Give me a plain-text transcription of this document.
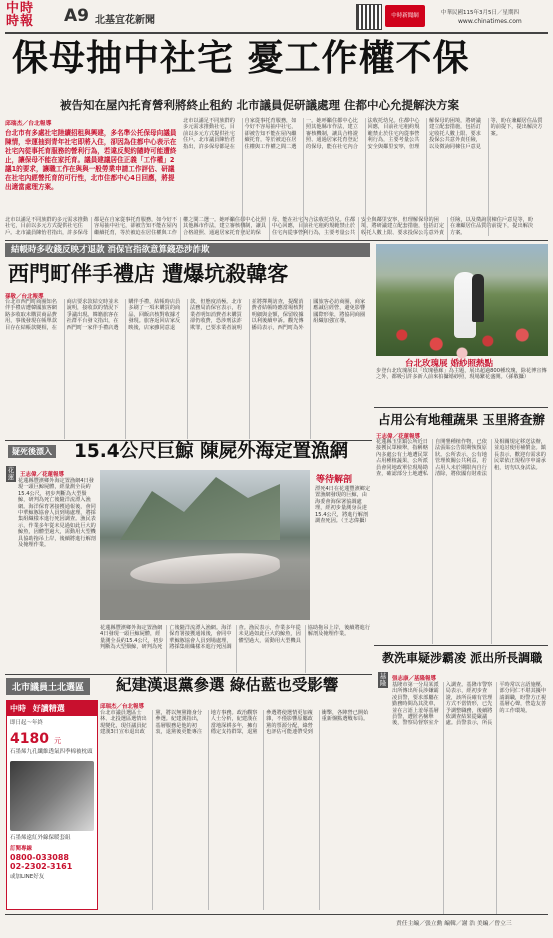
中時
時報	A9 北基宜花新聞	中時新聞網	中華民國115年3月5日／星期四
www.chinatimes.com
保母抽中社宅 憂工作權不保
被告知在屋內托育營利將終止租約 北市議員促研議處理 住都中心允提解決方案
邱瑞杰／台北報導
台北市有多處社宅陸續招租與興建，多名準公托保母向議員陳情，幸運抽到青年社宅即將入住，卻因為住都中心表示在社宅內從事托育服務的營利行為，若違反契約隨時可能遭終止，讓保母不能在家托育。議員建議居住正義「工作權」2議1的要求，讓職工作在與與一般勞業申請工作評估、研議在社宅內經營托育的可行性，北市住都中心4日回應，將提出適當處理方案。
北市以滿足不同族群的多元需求推動社宅，目前以多元方式提供社宅住戶。北市議員陳怡君指出，許多保母都是在自家從事托育服務，如今好不容易抽中社宅，卻被告知不能在屋內繼續托育，等於被迫在居住權與工作權之間二選一。她呼籲住都中心比照其他縣市作法，建立審核機制，讓具合格證照、通過居家托育登記的保母，能在社宅內合法收托幼兒。住都中心回應，目前社宅租約規範禁止於住宅內從事營利行為，主要考量公共安全與鄰里安寧，但理解保母的困境，將研議建立配套措施，包括訂定收托人數上限、要求投保公共意外責任險，以及徵詢同棟住戶意見等，盼在兼顧居住品質的前提下，提出解決方案。
北市以滿足不同族群的多元需求推動社宅，目前以多元方式提供社宅住戶。北市議員陳怡君指出，許多保母都是在自家從事托育服務，如今好不容易抽中社宅，卻被告知不能在屋內繼續托育，等於被迫在居住權與工作權之間二選一。她呼籲住都中心比照其他縣市作法，建立審核機制，讓具合格證照、通過居家托育登記的保母，能在社宅內合法收托幼兒。住都中心回應，目前社宅租約規範禁止於住宅內從事營利行為，主要考量公共安全與鄰里安寧，但理解保母的困境，將研議建立配套措施，包括訂定收托人數上限、要求投保公共意外責任險，以及徵詢同棟住戶意見等，盼在兼顧居住品質的前提下，提出解決方案。
結帳時多收錢反映才退款 消保官指欲意算錢恐涉詐欺
西門町伴手禮店 遭爆坑殺韓客
孫敬／台北報導
台北市西門町商圈知名伴手禮店遭韓國旅客網路多收取未購買商品費用，事後發現在帳單款目存在結帳款變相，在商店要求款結交時並未說明，接收款的情況下爭議出現。韓籍旅客在社群平台發文指出，在西門町一家伴手禮店選購伴手禮，結帳時店員多刷了一項未購買的商品，回飯店核對收據才發現。旅客返回店家反映後，店家雖同意退款，但態度消極。北市法務局消保官表示，若業者明知消費者未購買卻仍收費，恐涉刑法詐欺罪，已要求業者說明並將擇期訪查，提醒消費者結帳時應當場核對明細與金額，保留收據以利後續申訴。觀光傳播局表示，西門町為外國旅客必訪商圈，商家應誠信經營，避免影響國際形象，將協同商圈組織加強宣導。
台北玫瑰展 婚紗照熱點
步登台北玫瑰展以「玫瑰藝廊」為主題，展出超過800種玫瑰，除花博宣傳之外，都吸引許多新人前來拍攝婚紗照，現場繁花盛開。（孫敬攝）
占用公有地種蔬果 玉里將查辦
王志偉／花蓮報導
花蓮縣玉里鎮公所近日接獲民眾檢舉，指稱轄內多處公有土地遭民眾占用種植蔬果，公所派員會同地政單位現場勘查，確認部分土地遭私自開墾種植作物，已依法張貼公告限期恢復原狀。公所表示，公有地管理攸關公共利益，若占用人未於期限內自行清除，將依國有財產法及相關規定移送法辦，並追討使用補償金。鎮長表示，歡迎有需求的民眾依正規程序申請承租，切勿以身試法。
疑死後漂入 15.4公尺巨鯨 陳屍外海定置漁網
花蓮	王志偉／花蓮報導
花蓮縣豐濱鄉外海定置漁網4日發現一頭巨鯨屍體，經量測全長約15.4公尺，初步判斷為大型鬚鯨，研判為死亡後隨洋流漂入漁網。海洋保育署接獲通報後，會同中華鯨豚協會人員到場處理，將採集組織樣本進行死因調查。漁民表示，作業多年從未見過如此巨大的鯨魚，因體型過大，需動用大型機具協助拖吊上岸，後續將進行解剖及掩埋作業。
等待解剖
漂死4日在花蓮豐濱鄉定置漁網發現的巨鯨，由海委會海保署協調處理，經初步量測身長達15.4公尺，將進行解剖調查死因。（王志偉攝）
花蓮縣豐濱鄉外海定置漁網4日發現一頭巨鯨屍體，經量測全長約15.4公尺，初步判斷為大型鬚鯨，研判為死亡後隨洋流漂入漁網。海洋保育署接獲通報後，會同中華鯨豚協會人員到場處理，將採集組織樣本進行死因調查。漁民表示，作業多年從未見過如此巨大的鯨魚，因體型過大，需動用大型機具協助拖吊上岸，後續將進行解剖及掩埋作業。
教洗車疑涉霸凌 派出所長調職
基隆	張志康／基隆報導
基隆市第一分局某派出所傳出所長涉嫌霸凌員警，要求部屬在勤務時間為其洗車，並在言語上羞辱基層員警，遭匿名檢舉後，警察局督察室介入調查。基隆市警察局表示，經初步查證，該所長確有管理方式不當情形，已先予調整職務，後續將依調查結果從嚴議處。員警表示，所長平時常以言語施壓，部分同仁不堪其擾申請調職，盼警方正視基層心聲，營造友善的工作環境。
北市議員土北選區	紀建漢退黨參選 綠估藍也受影響
中時 好讀精選
即日起～年終
4180 元
石墨烯九孔纖維透氣四季棉被枕頭
石墨烯遠紅外線保暖套組
訂閱專線
0800-033088
02-2302-3161
或加LINE好友
邱瑞杰／台北報導
台北市議員選區士林、北投選區選情出現變化，現任議員紀建漢3日宣布退出政黨，將以無黨籍身分參選。紀建漢指出，基層服務是他的初衷，退黨後更能專注地方事務。政治觀察人士分析，紀建漢在當地深耕多年，擁有穩定支持群眾，退黨參選將使選情更加複雜，不僅影響原屬政黨的票源分配，綠營也評估可能連帶受到衝擊，各陣營已開始重新盤點選戰布局。
責任主編／張立勳 編輯／謝 浩 美編／曾立三
